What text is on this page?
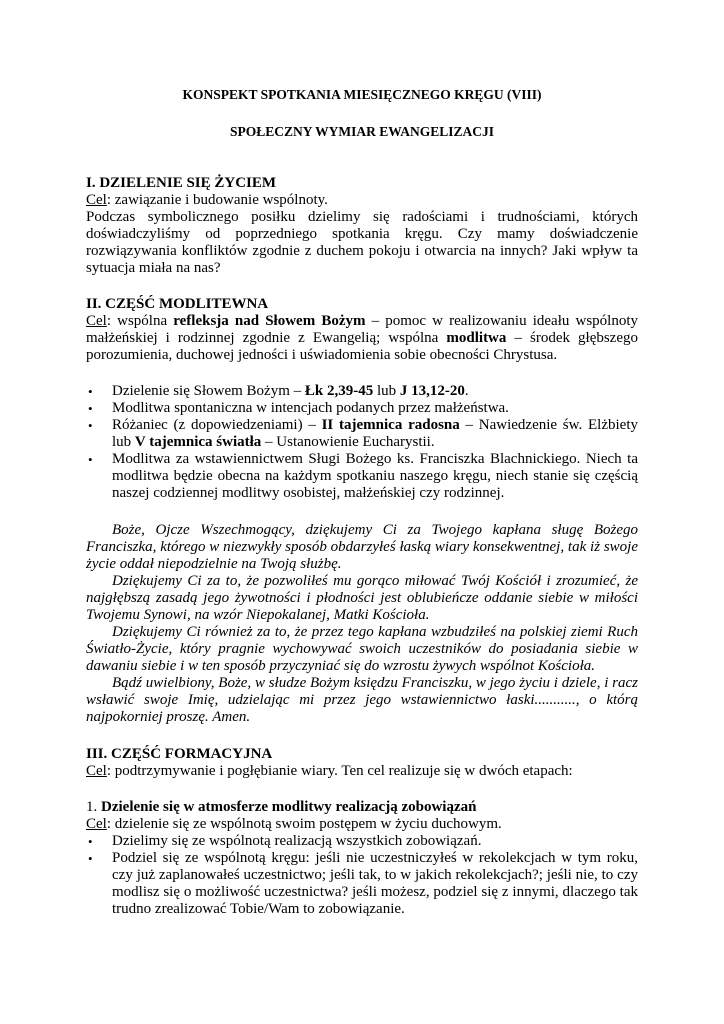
KONSPEKT SPOTKANIA MIESIĘCZNEGO KRĘGU (VIII)

SPOŁECZNY WYMIAR EWANGELIZACJI

I. DZIELENIE SIĘ ŻYCIEM

Cel: zawiązanie i budowanie wspólnoty.

Podczas symbolicznego posiłku dzielimy się radościami i trudnościami, których doświadczyliśmy od poprzedniego spotkania kręgu. Czy mamy doświadczenie rozwiązywania konfliktów zgodnie z duchem pokoju i otwarcia na innych? Jaki wpływ ta sytuacja miała na nas?

II. CZĘŚĆ MODLITEWNA

Cel: wspólna refleksja nad Słowem Bożym – pomoc w realizowaniu ideału wspólnoty małżeńskiej i rodzinnej zgodnie z Ewangelią; wspólna modlitwa – środek głębszego porozumienia, duchowej jedności i uświadomienia sobie obecności Chrystusa.

• Dzielenie się Słowem Bożym – Łk 2,39-45 lub J 13,12-20.
• Modlitwa spontaniczna w intencjach podanych przez małżeństwa.
• Różaniec (z dopowiedzeniami) – II tajemnica radosna – Nawiedzenie św. Elżbiety lub V tajemnica światła – Ustanowienie Eucharystii.
• Modlitwa za wstawiennictwem Sługi Bożego ks. Franciszka Blachnickiego. Niech ta modlitwa będzie obecna na każdym spotkaniu naszego kręgu, niech stanie się częścią naszej codziennej modlitwy osobistej, małżeńskiej czy rodzinnej.

Boże, Ojcze Wszechmogący, dziękujemy Ci za Twojego kapłana sługę Bożego Franciszka, którego w niezwykły sposób obdarzyłeś łaską wiary konsekwentnej, tak iż swoje życie oddał niepodzielnie na Twoją służbę.

Dziękujemy Ci za to, że pozwoliłeś mu gorąco miłować Twój Kościół i zrozumieć, że najgłębszą zasadą jego żywotności i płodności jest oblubieńcze oddanie siebie w miłości Twojemu Synowi, na wzór Niepokalanej, Matki Kościoła.

Dziękujemy Ci również za to, że przez tego kapłana wzbudziłeś na polskiej ziemi Ruch Światło-Życie, który pragnie wychowywać swoich uczestników do posiadania siebie w dawaniu siebie i w ten sposób przyczyniać się do wzrostu żywych wspólnot Kościoła.

Bądź uwielbiony, Boże, w słudze Bożym księdzu Franciszku, w jego życiu i dziele, i racz wsławić swoje Imię, udzielając mi przez jego wstawiennictwo łaski..........., o którą najpokorniej proszę. Amen.

III. CZĘŚĆ FORMACYJNA

Cel: podtrzymywanie i pogłębianie wiary. Ten cel realizuje się w dwóch etapach:

1. Dzielenie się w atmosferze modlitwy realizacją zobowiązań

Cel: dzielenie się ze wspólnotą swoim postępem w życiu duchowym.

• Dzielimy się ze wspólnotą realizacją wszystkich zobowiązań.
• Podziel się ze wspólnotą kręgu: jeśli nie uczestniczyłeś w rekolekcjach w tym roku, czy już zaplanowałeś uczestnictwo; jeśli tak, to w jakich rekolekcjach?; jeśli nie, to czy modlisz się o możliwość uczestnictwa? jeśli możesz, podziel się z innymi, dlaczego tak trudno zrealizować Tobie/Wam to zobowiązanie.
